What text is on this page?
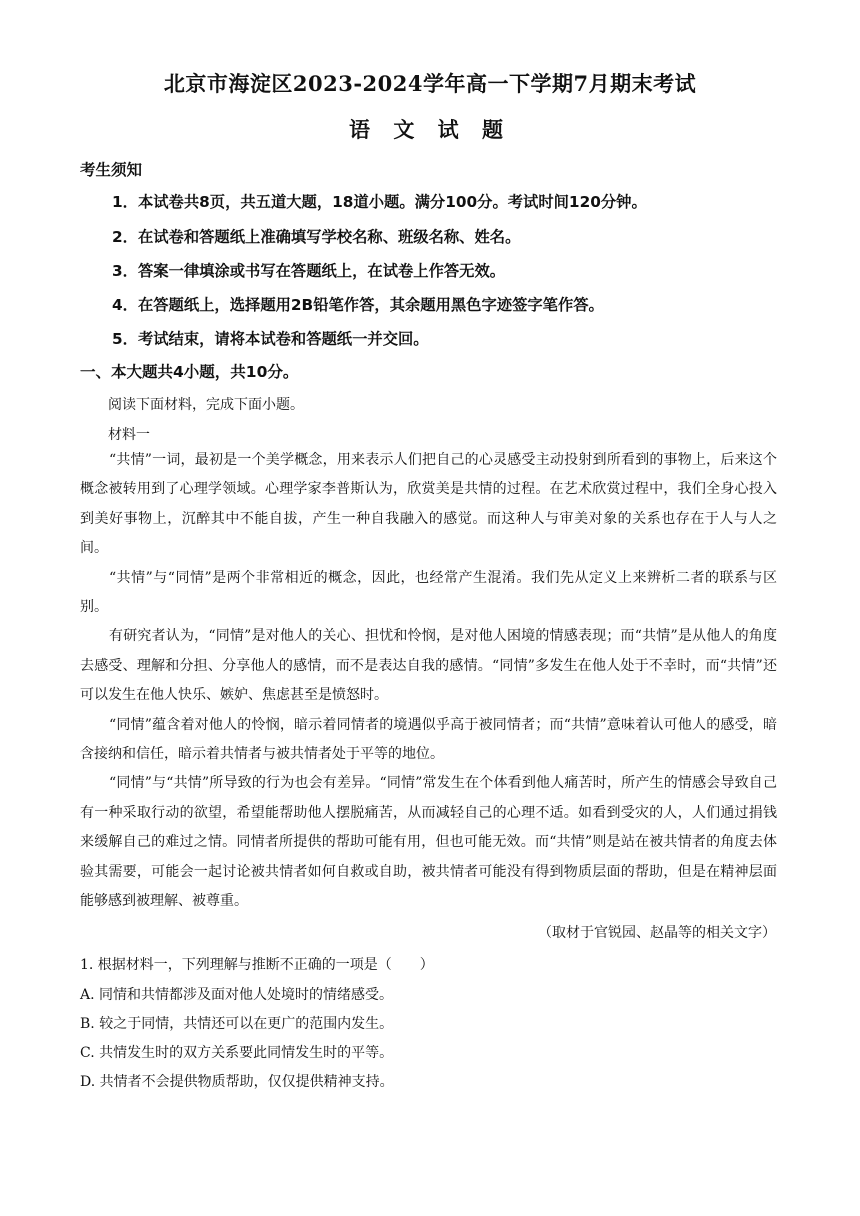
北京市海淀区2023-2024学年高一下学期7月期末考试
语 文 试 题
考生须知
1．本试卷共8页，共五道大题，18道小题。满分100分。考试时间120分钟。
2．在试卷和答题纸上准确填写学校名称、班级名称、姓名。
3．答案一律填涂或书写在答题纸上，在试卷上作答无效。
4．在答题纸上，选择题用2B铅笔作答，其余题用黑色字迹签字笔作答。
5．考试结束，请将本试卷和答题纸一并交回。
一、本大题共4小题，共10分。
阅读下面材料，完成下面小题。
材料一

“共情”一词，最初是一个美学概念，用来表示人们把自己的心灵感受主动投射到所看到的事物上，后来这个概念被转用到了心理学领域。心理学家李普斯认为，欣赏美是共情的过程。在艺术欣赏过程中，我们全身心投入到美好事物上，沉醉其中不能自拔，产生一种自我融入的感觉。而这种人与审美对象的关系也存在于人与人之间。

“共情”与“同情”是两个非常相近的概念，因此，也经常产生混淆。我们先从定义上来辨析二者的联系与区别。

有研究者认为，“同情”是对他人的关心、担忧和怜悯，是对他人困境的情感表现；而“共情”是从他人的角度去感受、理解和分担、分享他人的感情，而不是表达自我的感情。“同情”多发生在他人处于不幸时，而“共情”还可以发生在他人快乐、嫉妒、焦虑甚至是愤怒时。

“同情”蕴含着对他人的怜悯，暗示着同情者的境遇似乎高于被同情者；而“共情”意味着认可他人的感受，暗含接纳和信任，暗示着共情者与被共情者处于平等的地位。

“同情”与“共情”所导致的行为也会有差异。“同情”常发生在个体看到他人痛苦时，所产生的情感会导致自己有一种采取行动的欲望，希望能帮助他人摆脱痛苦，从而减轻自己的心理不适。如看到受灾的人，人们通过捐钱来缓解自己的难过之情。同情者所提供的帮助可能有用，但也可能无效。而“共情”则是站在被共情者的角度去体验其需要，可能会一起讨论被共情者如何自救或自助，被共情者可能没有得到物质层面的帮助，但是在精神层面能够感到被理解、被尊重。

（取材于官锐园、赵晶等的相关文字）
1. 根据材料一，下列理解与推断不正确的一项是（　　）
A. 同情和共情都涉及面对他人处境时的情绪感受。
B. 较之于同情，共情还可以在更广的范围内发生。
C. 共情发生时的双方关系要此同情发生时的平等。
D. 共情者不会提供物质帮助，仅仅提供精神支持。
